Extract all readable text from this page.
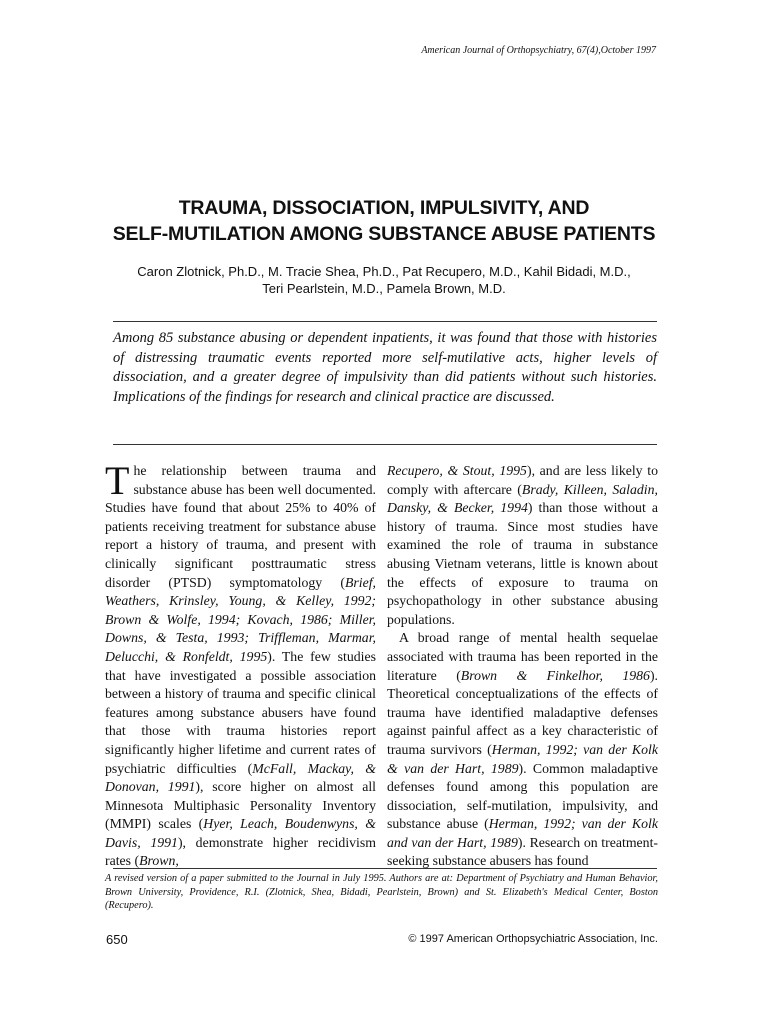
American Journal of Orthopsychiatry, 67(4),October 1997
TRAUMA, DISSOCIATION, IMPULSIVITY, AND
SELF-MUTILATION AMONG SUBSTANCE ABUSE PATIENTS
Caron Zlotnick, Ph.D., M. Tracie Shea, Ph.D., Pat Recupero, M.D., Kahil Bidadi, M.D.,
Teri Pearlstein, M.D., Pamela Brown, M.D.
Among 85 substance abusing or dependent inpatients, it was found that those with histories of distressing traumatic events reported more self-mutilative acts, higher levels of dissociation, and a greater degree of impulsivity than did patients without such histories. Implications of the findings for research and clinical practice are discussed.

The relationship between trauma and substance abuse has been well documented. Studies have found that about 25% to 40% of patients receiving treatment for substance abuse report a history of trauma, and present with clinically significant posttraumatic stress disorder (PTSD) symptomatology (Brief, Weathers, Krinsley, Young, & Kelley, 1992; Brown & Wolfe, 1994; Kovach, 1986; Miller, Downs, & Testa, 1993; Triffleman, Marmar, Delucchi, & Ronfeldt, 1995). The few studies that have investigated a possible association between a history of trauma and specific clinical features among substance abusers have found that those with trauma histories report significantly higher lifetime and current rates of psychiatric difficulties (McFall, Mackay, & Donovan, 1991), score higher on almost all Minnesota Multiphasic Personality Inventory (MMPI) scales (Hyer, Leach, Boudenwyns, & Davis, 1991), demonstrate higher recidivism rates (Brown,

Recupero, & Stout, 1995), and are less likely to comply with aftercare (Brady, Killeen, Saladin, Dansky, & Becker, 1994) than those without a history of trauma. Since most studies have examined the role of trauma in substance abusing Vietnam veterans, little is known about the effects of exposure to trauma on psychopathology in other substance abusing populations.

A broad range of mental health sequelae associated with trauma has been reported in the literature (Brown & Finkelhor, 1986). Theoretical conceptualizations of the effects of trauma have identified maladaptive defenses against painful affect as a key characteristic of trauma survivors (Herman, 1992; van der Kolk & van der Hart, 1989). Common maladaptive defenses found among this population are dissociation, self-mutilation, impulsivity, and substance abuse (Herman, 1992; van der Kolk and van der Hart, 1989). Research on treatment-seeking substance abusers has found

A revised version of a paper submitted to the Journal in July 1995. Authors are at: Department of Psychiatry and Human Behavior, Brown University, Providence, R.I. (Zlotnick, Shea, Bidadi, Pearlstein, Brown) and St. Elizabeth's Medical Center, Boston (Recupero).
650	© 1997 American Orthopsychiatric Association, Inc.
